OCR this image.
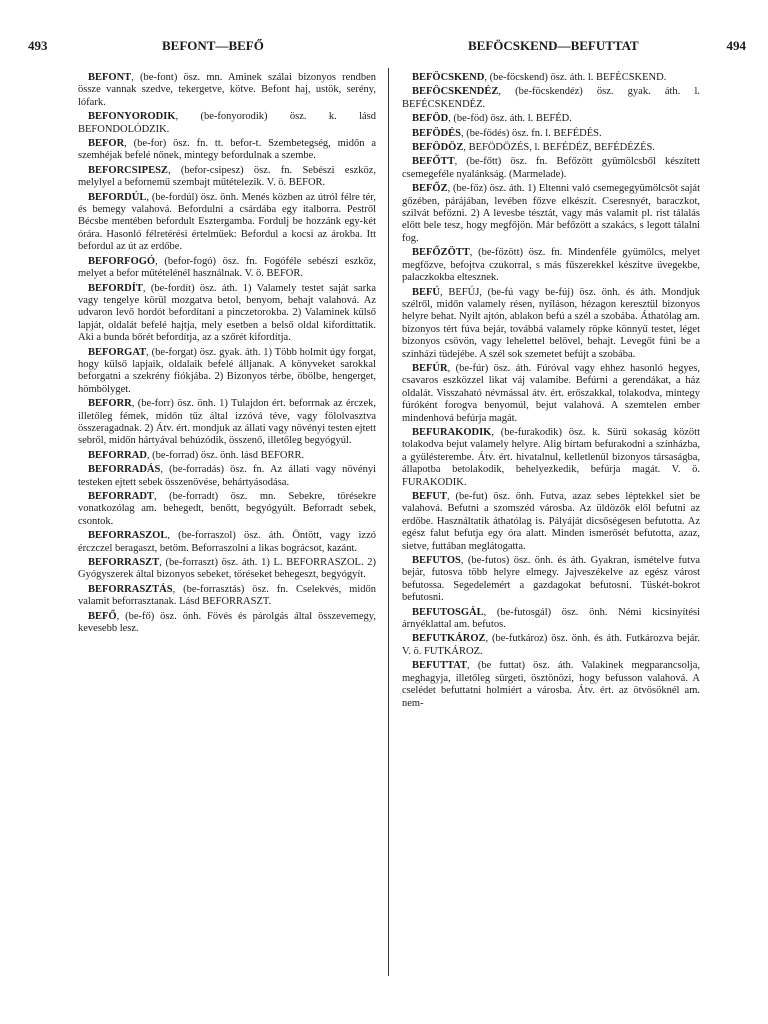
493	BEFONT—BEFŐ	BEFÖCSKEND—BEFUTTAT	494

BEFONT, (be-font) ösz. mn. Aminek szálai bizonyos rendben össze vannak szedve, tekergetve, kötve. Befont haj, ustök, serény, lófark.

BEFONYORODIK, (be-fonyorodik) ösz. k. lásd BEFONDOLÓDZIK.

BEFOR, (be-for) ösz. fn. tt. befor-t. Szembetegség, midőn a szemhéjak befelé nőnek, mintegy befordulnak a szembe.

BEFORCSIPESZ, (befor-csipesz) ösz. fn. Sebészi eszköz, melylyel a befornemű szembajt műtételezik. V. ö. BEFOR.

BEFORDÚL, (be-fordúl) ösz. önh. Menés közben az útról félre tér, és bemegy valahová. Befordulni a csárdába egy italborra. Pestről Bécsbe mentében befordult Esztergamba. Fordulj be hozzánk egy-két órára. Hasonló félretérési értelműek: Befordul a kocsi az árokba. Itt befordul az út az erdőbe.

BEFORFOGÓ, (befor-fogó) ösz. fn. Fogóféle sebészi eszköz, melyet a befor műtételénél használnak. V. ö. BEFOR.

BEFORDÍT, (be-fordít) ösz. áth. 1) Valamely testet saját sarka vagy tengelye körül mozgatva betol, benyom, behajt valahová. Az udvaron levő hordót befordítani a pinczetorokba. 2) Valaminek külső lapját, oldalát befelé hajtja, mely esetben a belső oldal kifordíttatik. Aki a bunda bőrét befordítja, az a szőrét kifordítja.

BEFORGAT, (be-forgat) ösz. gyak. áth. 1) Több holmit úgy forgat, hogy külső lapjaik, oldalaik befelé álljanak. A könyveket sarokkal beforgatni a szekrény fiókjába. 2) Bizonyos térbe, öbölbe, hengerget, hömbölyget.

BEFORR, (be-forr) ösz. önh. 1) Tulajdon ért. beforrnak az érczek, illetőleg fémek, midőn tűz által izzóvá téve, vagy fölolvasztva összeragadnak. 2) Átv. ért. mondjuk az állati vagy növényi testen ejtett sebről, midőn hártyával behúzódik, összenő, illetőleg begyógyúl.

BEFORRAD, (be-forrad) ösz. önh. lásd BEFORR.

BEFORRADÁS, (be-forradás) ösz. fn. Az állati vagy növényi testeken ejtett sebek összenövése, behártyásodása.

BEFORRADT, (be-forradt) ösz. mn. Sebekre, törésekre vonatkozólag am. behegedt, benőtt, begyógyúlt. Beforradt sebek, csontok.

BEFORRASZOL, (be-forraszol) ösz. áth. Öntött, vagy izzó érczczel beragaszt, betöm. Beforraszolni a likas bográcsot, kazánt.

BEFORRASZT, (be-forraszt) ösz. áth. 1) L. BEFORRASZOL. 2) Gyógyszerek által bizonyos sebeket, töréseket behegeszt, begyógyít.

BEFORRASZTÁS, (be-forrasztás) ösz. fn. Cselekvés, midőn valamit beforrasztanak. Lásd BEFORRASZT.

BEFŐ, (be-fő) ösz. önh. Fövés és párolgás által összevemegy, kevesebb lesz.

BEFÖCSKEND, (be-föcskend) ösz. áth. l. BEFÉCSKEND.

BEFÖCSKENDÉZ, (be-föcskendéz) ösz. gyak. áth. l. BEFÉCSKENDÉZ.

BEFÖD, (be-föd) ösz. áth. l. BEFÉD.

BEFÖDÉS, (be-födés) ösz. fn. l. BEFÉDÉS.

BEFÖDÖZ, BEFÖDÖZÉS, l. BEFÉDÉZ, BEFÉDÉZÉS.

BEFŐTT, (be-főtt) ösz. fn. Befőzött gyümölcsből készített csemegeféle nyalánkság. (Marmelade).

BEFŐZ, (be-főz) ösz. áth. 1) Eltenni való csemegegyümölcsöt saját gőzében, párájában, levében főzve elkészít. Cseresnyét, baraczkot, szilvát befőzni. 2) A levesbe tésztát, vagy más valamit pl. rist tálalás előtt bele tesz, hogy megfőjön. Már befőzött a szakács, s legott tálalni fog.

BEFŐZÖTT, (be-főzött) ösz. fn. Mindenféle gyümölcs, melyet megfőzve, befojtva czukorral, s más fűszerekkel készítve üvegekbe, palaczkokba eltesznek.

BEFÚ, BEFÚJ, (be-fú vagy be-fúj) ösz. önh. és áth. Mondjuk szélről, midőn valamely résen, nyíláson, hézagon keresztül bizonyos helyre behat. Nyilt ajtón, ablakon befú a szél a szobába. Áthatólag am. bizonyos tért fúva bejár, továbbá valamely röpke könnyű testet, léget bizonyos csövön, vagy lehelettel belövel, behajt. Levegőt fúni be a színházi tüdejébe. A szél sok szemetet befújt a szobába.

BEFÚR, (be-fúr) ösz. áth. Fúróval vagy ehhez hasonló hegyes, csavaros eszközzel likat váj valamibe. Befúrni a gerendákat, a ház oldalát. Visszaható névmással átv. ért. erőszakkal, tolakodva, mintegy fúróként forogva benyomúl, bejut valahová. A szemtelen ember mindenhová befúrja magát.

BEFURAKODIK, (be-furakodik) ösz. k. Sürü sokaság között tolakodva bejut valamely helyre. Alig bírtam befurakodni a színházba, a gyülésterembe. Átv. ért. hivatalnul, kelletlenül bizonyos társaságba, állapotba betolakodik, behelyezkedik, befúrja magát. V. ö. FURAKODIK.

BEFUT, (be-fut) ösz. önh. Futva, azaz sebes léptekkel siet be valahová. Befutni a szomszéd városba. Az üldözők elől befutni az erdőbe. Használtatik áthatólag is. Pályáját dicsőségesen befutotta. Az egész falut befutja egy óra alatt. Minden ismerősét befutotta, azaz, sietve, futtában meglátogatta.

BEFUTOS, (be-futos) ösz. önh. és áth. Gyakran, ismételve futva bejár, futosva több helyre elmegy. Jajveszékelve az egész várost befutossa. Segedelemért a gazdagokat befutosni. Tüskét-bokrot befutosni.

BEFUTOSGÁL, (be-futosgál) ösz. önh. Némi kicsinyítési árnyéklattal am. befutos.

BEFUTKÁROZ, (be-futkároz) ösz. önh. és áth. Futkározva bejár. V. ö. FUTKÁROZ.

BEFUTTAT, (be futtat) ösz. áth. Valakinek megparancsolja, meghagyja, illetőleg sürgeti, ösztönözi, hogy befusson valahová. A cselédet befuttatni holmiért a városba. Átv. ért. az ötvösöknél am. nem-
